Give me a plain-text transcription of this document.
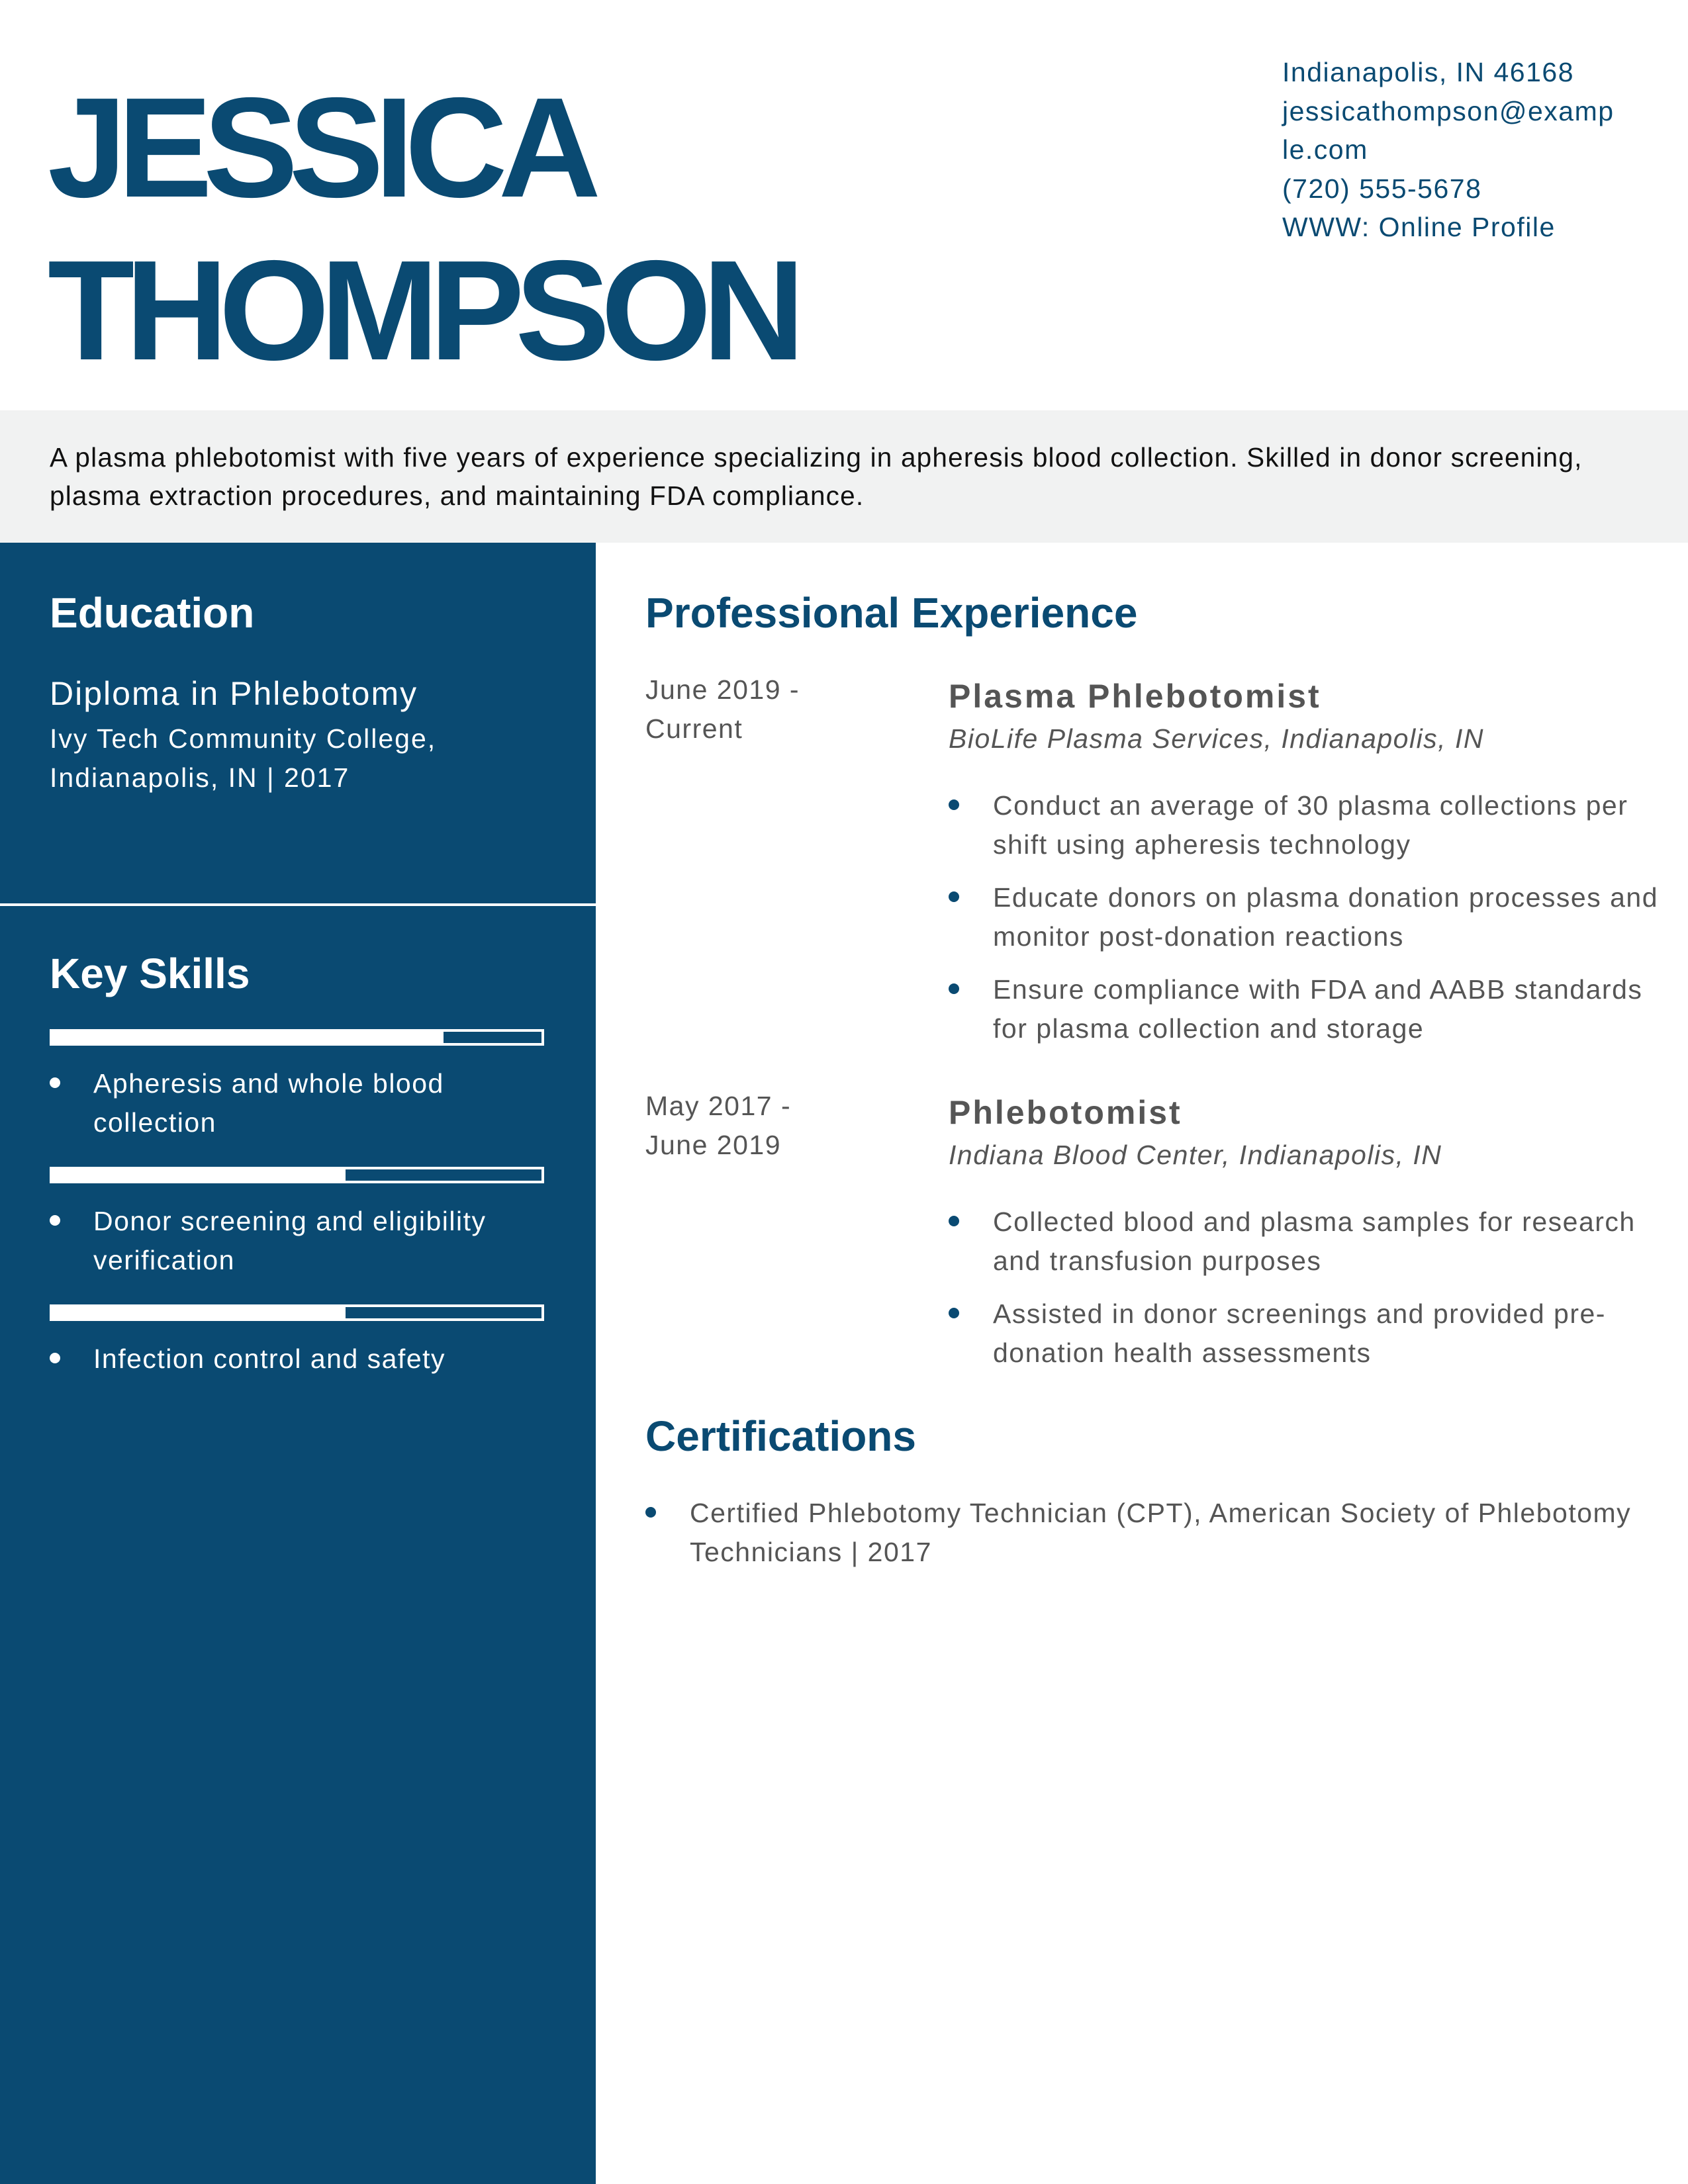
JESSICA
THOMPSON
Indianapolis, IN 46168
jessicathompson@examp
le.com
(720) 555-5678
WWW: Online Profile
A plasma phlebotomist with five years of experience specializing in apheresis blood collection. Skilled in donor screening, plasma extraction procedures, and maintaining FDA compliance.
Education
Diploma in Phlebotomy
Ivy Tech Community College, Indianapolis, IN | 2017
Key Skills
Apheresis and whole blood collection
Donor screening and eligibility verification
Infection control and safety
Professional Experience
June 2019 - Current
Plasma Phlebotomist
BioLife Plasma Services, Indianapolis, IN
Conduct an average of 30 plasma collections per shift using apheresis technology
Educate donors on plasma donation processes and monitor post-donation reactions
Ensure compliance with FDA and AABB standards for plasma collection and storage
May 2017 - June 2019
Phlebotomist
Indiana Blood Center, Indianapolis, IN
Collected blood and plasma samples for research and transfusion purposes
Assisted in donor screenings and provided pre-donation health assessments
Certifications
Certified Phlebotomy Technician (CPT), American Society of Phlebotomy Technicians | 2017
